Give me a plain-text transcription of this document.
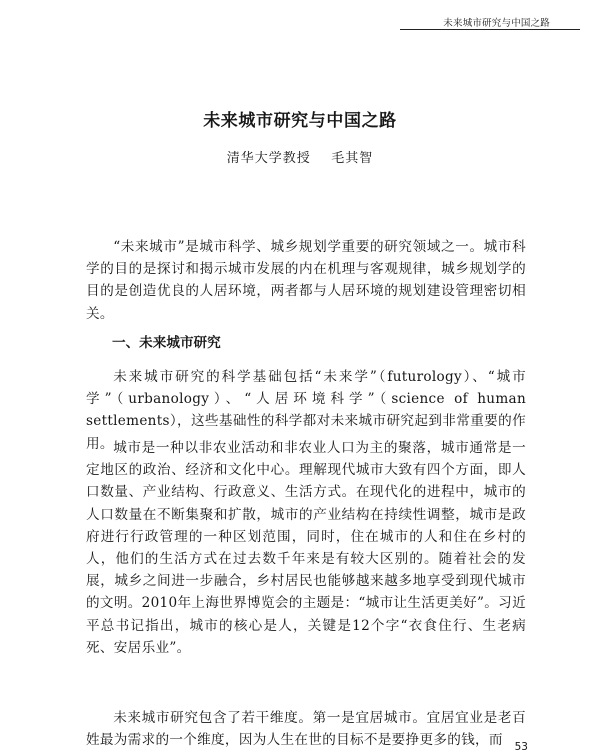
未来城市研究与中国之路
未来城市研究与中国之路
清华大学教授    毛其智

“未来城市”是城市科学、城乡规划学重要的研究领域之一。城市科学的目的是探讨和揭示城市发展的内在机理与客观规律，城乡规划学的目的是创造优良的人居环境，两者都与人居环境的规划建设管理密切相关。

一、未来城市研究

未来城市研究的科学基础包括“未来学”（futurology）、“城市学”（urbanology）、“人居环境科学”（science of human settlements），这些基础性的科学都对未来城市研究起到非常重要的作用。 城市是一种以非农业活动和非农业人口为主的聚落，城市通常是一定地区的政治、经济和文化中心。理解现代城市大致有四个方面，即人口数量、产业结构、行政意义、生活方式。在现代化的进程中，城市的人口数量在不断集聚和扩散，城市的产业结构在持续性调整，城市是政府进行行政管理的一种区划范围，同时，住在城市的人和住在乡村的人，他们的生活方式在过去数千年来是有较大区别的。随着社会的发展，城乡之间进一步融合，乡村居民也能够越来越多地享受到现代城市的文明。2010年上海世界博览会的主题是：“城市让生活更美好”。习近平总书记指出，城市的核心是人，关键是12个字“衣食住行、生老病死、安居乐业”。

未来城市研究包含了若干维度。第一是宜居城市。宜居宜业是老百姓最为需求的一个维度，因为人生在世的目标不是要挣更多的钱，而	53
